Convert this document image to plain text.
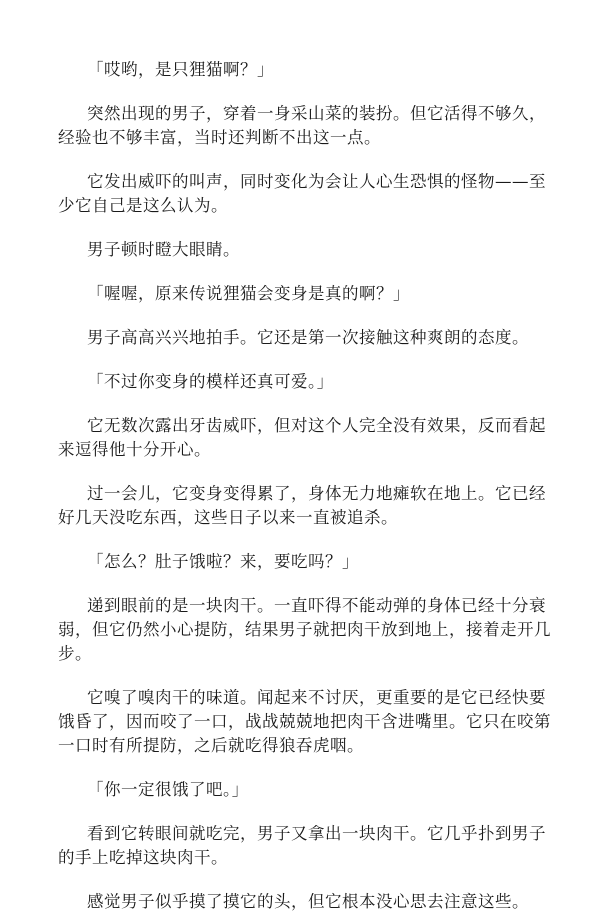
「哎哟，是只狸猫啊？」

突然出现的男子，穿着一身采山菜的装扮。但它活得不够久，经验也不够丰富，当时还判断不出这一点。

它发出威吓的叫声，同时变化为会让人心生恐惧的怪物——至少它自己是这么认为。

男子顿时瞪大眼睛。

「喔喔，原来传说狸猫会变身是真的啊？」

男子高高兴兴地拍手。它还是第一次接触这种爽朗的态度。

「不过你变身的模样还真可爱。」

它无数次露出牙齿威吓，但对这个人完全没有效果，反而看起来逗得他十分开心。

过一会儿，它变身变得累了，身体无力地瘫软在地上。它已经好几天没吃东西，这些日子以来一直被追杀。

「怎么？肚子饿啦？来，要吃吗？」

递到眼前的是一块肉干。一直吓得不能动弹的身体已经十分衰弱，但它仍然小心提防，结果男子就把肉干放到地上，接着走开几步。

它嗅了嗅肉干的味道。闻起来不讨厌，更重要的是它已经快要饿昏了，因而咬了一口，战战兢兢地把肉干含进嘴里。它只在咬第一口时有所提防，之后就吃得狼吞虎咽。

「你一定很饿了吧。」

看到它转眼间就吃完，男子又拿出一块肉干。它几乎扑到男子的手上吃掉这块肉干。

感觉男子似乎摸了摸它的头，但它根本没心思去注意这些。
